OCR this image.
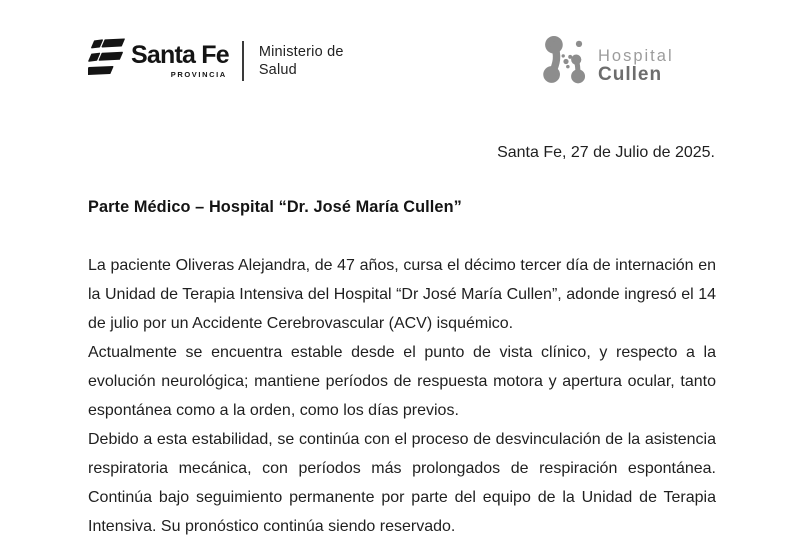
Santa Fe
PROVINCIA
Ministerio de
Salud
Hospital
Cullen
Santa Fe, 27 de Julio de 2025.
Parte Médico – Hospital “Dr. José María Cullen”

La paciente Oliveras Alejandra, de 47 años, cursa el décimo tercer día de internación en la Unidad de Terapia Intensiva del Hospital “Dr José María Cullen”, adonde ingresó el 14 de julio por un Accidente Cerebrovascular (ACV) isquémico.

Actualmente se encuentra estable desde el punto de vista clínico, y respecto a la evolución neurológica; mantiene períodos de respuesta motora y apertura ocular, tanto espontánea como a la orden, como los días previos.

Debido a esta estabilidad, se continúa con el proceso de desvinculación de la asistencia respiratoria mecánica, con períodos más prolongados de respiración espontánea. Continúa bajo seguimiento permanente por parte del equipo de la Unidad de Terapia Intensiva. Su pronóstico continúa siendo reservado.
